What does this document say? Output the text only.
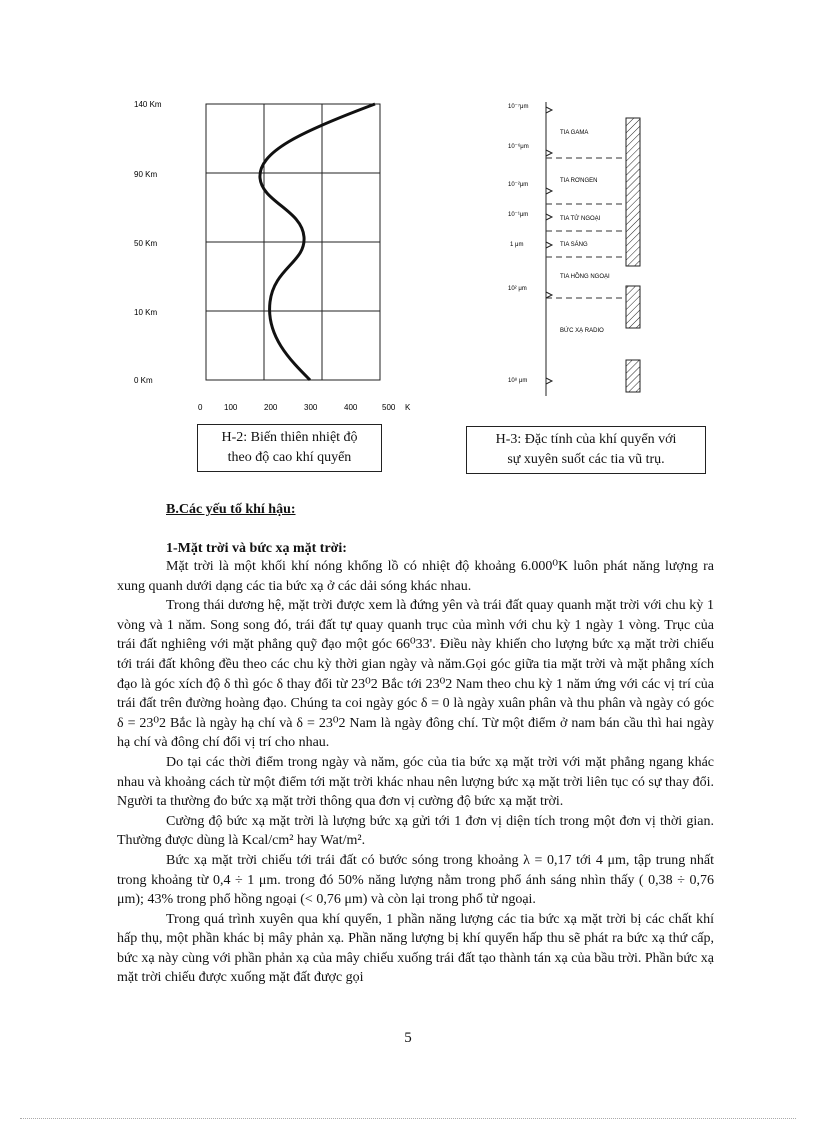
140 Km
90 Km
50 Km
10 Km
0 Km
0	100	200	300	400	500 K
H-2: Biến thiên nhiệt độ
theo độ cao khí quyển
10⁻⁷μm
10⁻⁶μm
10⁻²μm
10⁻¹μm
1 μm
10² μm
10⁸ μm
TIA GAMA
TIA RƠNGEN
TIA TỬ NGOẠI
TIA SÁNG
TIA HỒNG NGOẠI
BỨC XẠ RADIO
H-3: Đặc tính của khí quyển với
sự xuyên suốt các tia vũ trụ.
B.Các yếu tố khí hậu:
1-Mặt trời và bức xạ mặt trời:

Mặt trời là một khối khí nóng khổng lồ có nhiệt độ khoảng 6.000⁰K luôn phát năng lượng ra xung quanh dưới dạng các tia bức xạ ở các dải sóng khác nhau.

Trong thái dương hệ, mặt trời được xem là đứng yên và trái đất quay quanh mặt trời với chu kỳ 1 vòng và 1 năm. Song song đó, trái đất tự quay quanh trục của mình với chu kỳ 1 ngày 1 vòng. Trục của trái đất nghiêng với mặt phẳng quỹ đạo một góc 66⁰33'. Điều này khiến cho lượng bức xạ mặt trời chiếu tới trái đất không đều theo các chu kỳ thời gian ngày và năm.Gọi góc giữa tia mặt trời và mặt phẳng xích đạo là góc xích độ δ thì góc δ thay đổi từ 23⁰2 Bắc tới 23⁰2 Nam theo chu kỳ 1 năm ứng với các vị trí của trái đất trên đường hoàng đạo. Chúng ta coi ngày góc δ = 0 là ngày xuân phân và thu phân và ngày có góc δ = 23⁰2 Bắc là ngày hạ chí và δ = 23⁰2 Nam là ngày đông chí. Từ một điểm ở nam bán cầu thì hai ngày hạ chí và đông chí đổi vị trí cho nhau.

Do tại các thời điểm trong ngày và năm, góc của tia bức xạ mặt trời với mặt phẳng ngang khác nhau và khoảng cách từ một điểm tới mặt trời khác nhau nên lượng bức xạ mặt trời liên tục có sự thay đổi. Người ta thường đo bức xạ mặt trời thông qua đơn vị cường độ bức xạ mặt trời.

Cường độ bức xạ mặt trời là lượng bức xạ gửi tới 1 đơn vị diện tích trong một đơn vị thời gian. Thường được dùng là Kcal/cm² hay Wat/m².

Bức xạ mặt trời chiếu tới trái đất có bước sóng trong khoảng λ = 0,17 tới 4 μm, tập trung nhất trong khoảng từ 0,4 ÷ 1 μm. trong đó 50% năng lượng nằm trong phổ ánh sáng nhìn thấy ( 0,38 ÷ 0,76 μm); 43% trong phổ hồng ngoại (< 0,76 μm) và còn lại trong phổ tử ngoại.

Trong quá trình xuyên qua khí quyển, 1 phần năng lượng các tia bức xạ mặt trời bị các chất khí hấp thụ, một phần khác bị mây phản xạ. Phần năng lượng bị khí quyển hấp thu sẽ phát ra bức xạ thứ cấp, bức xạ này cùng với phần phản xạ của mây chiếu xuống trái đất tạo thành tán xạ của bầu trời. Phần bức xạ mặt trời chiếu được xuống mặt đất được gọi

5
